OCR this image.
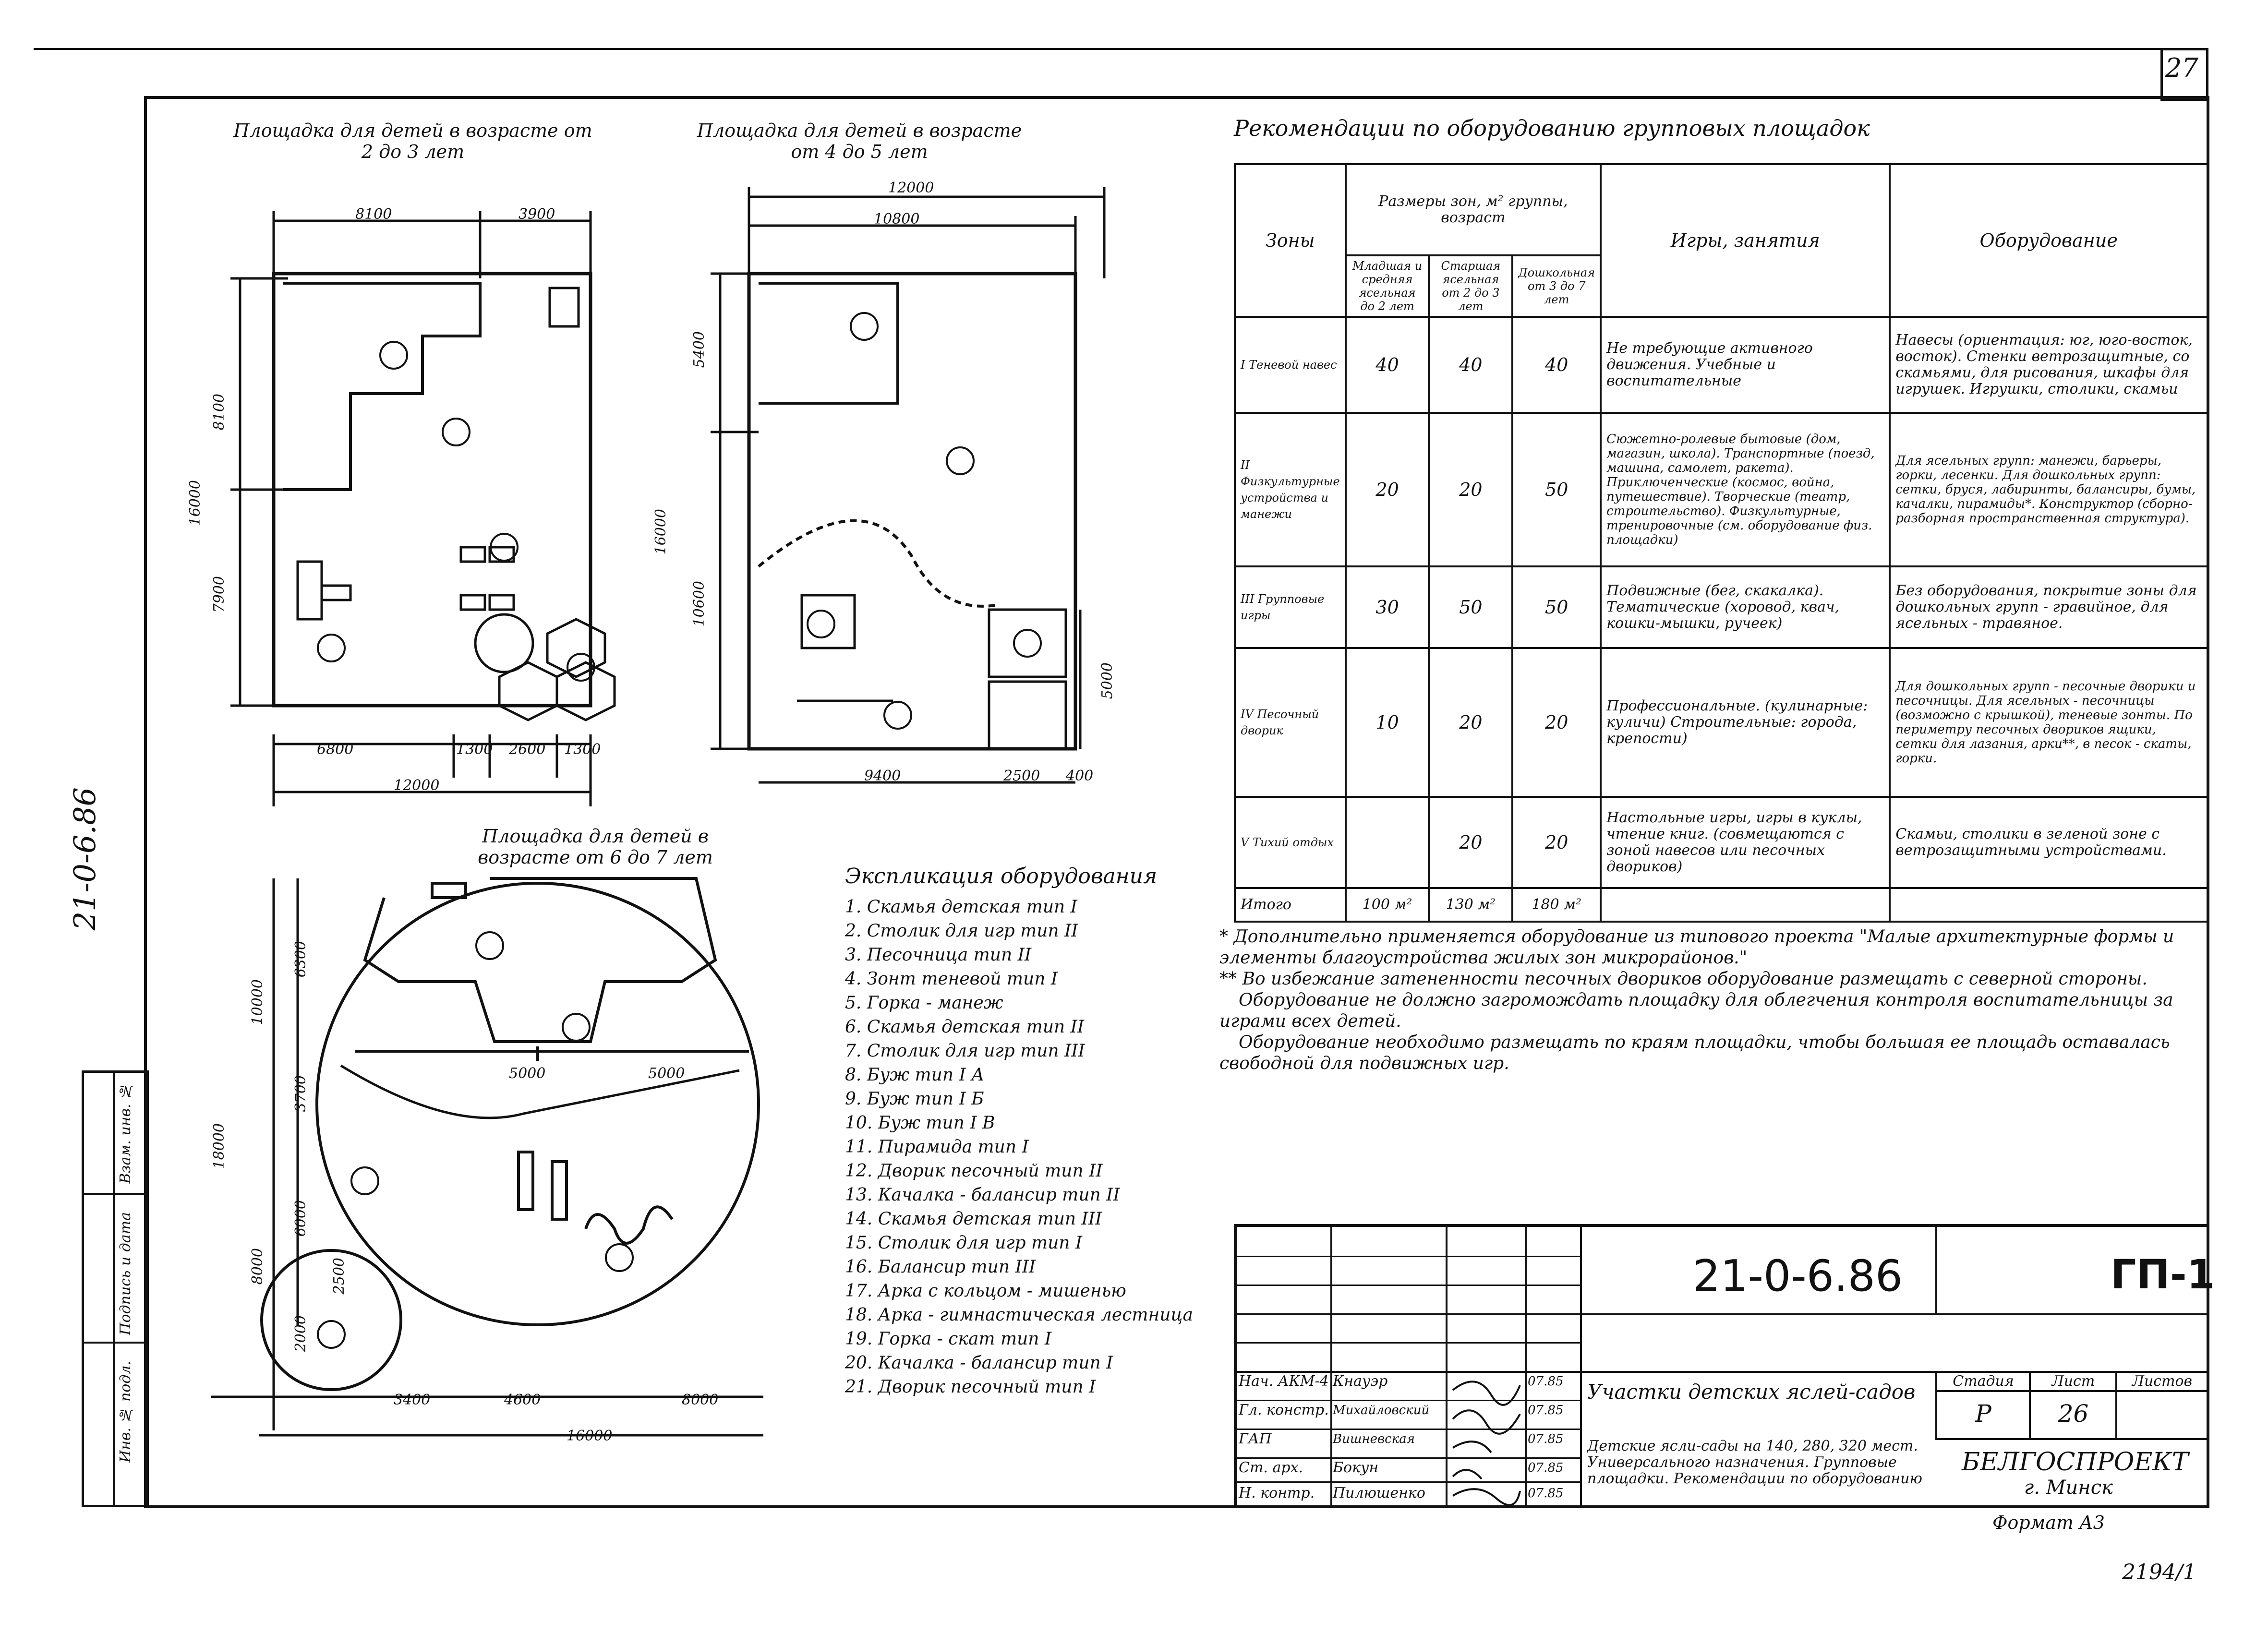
27
21-0-6.86
Инв. № подл.
Подпись и дата
Взам. инв. №
Площадка для детей в возрасте от 2 до 3 лет
8100	3900
8100
7900
16000
6800	1300 2600 1300
12000
Площадка для детей в возрасте от 4 до 5 лет
12000
10800
5400
16000
10600
5000
9400	2500 400
Площадка для детей в возрасте от 6 до 7 лет
18000
10000
6300
3700
6000
8000	2500
2000
5000	5000
3400	4600	8000
16000
Экспликация оборудования
1. Скамья детская тип I
2. Столик для игр тип II
3. Песочница тип II
4. Зонт теневой тип I
5. Горка - манеж
6. Скамья детская тип II
7. Столик для игр тип III
8. Буж тип I А
9. Буж тип I Б
10. Буж тип I В
11. Пирамида тип I
12. Дворик песочный тип II
13. Качалка - балансир тип II
14. Скамья детская тип III
15. Столик для игр тип I
16. Балансир тип III
17. Арка с кольцом - мишенью
18. Арка - гимнастическая лестница
19. Горка - скат тип I
20. Качалка - балансир тип I
21. Дворик песочный тип I
Рекомендации по оборудованию групповых площадок
Зоны	Размеры зон, м² группы, возраст			Игры, занятия	Оборудование
	Младшая и средняя ясельная до 2 лет	Старшая ясельная от 2 до 3 лет	Дошкольная от 3 до 7 лет		
I Теневой навес	40	40	40	Не требующие активного движения. Учебные и воспитательные	Навесы (ориентация: юг, юго-восток, восток). Стенки ветрозащитные, со скамьями, для рисования, шкафы для игрушек. Игрушки, столики, скамьи
II Физкультурные устройства и манежи	20	20	50	Сюжетно-ролевые бытовые (дом, магазин, школа). Транспортные (поезд, машина, самолет, ракета). Приключенческие (космос, война, путешествие). Творческие (театр, строительство). Физкультурные, тренировочные (см. оборудование физ. площадки)	Для ясельных групп: манежи, барьеры, горки, лесенки. Для дошкольных групп: сетки, бруся, лабиринты, балансиры, бумы, качалки, пирамиды*. Конструктор (сборно-разборная пространственная структура).
III Групповые игры	30	50	50	Подвижные (бег, скакалка). Тематические (хоровод, квач, кошки-мышки, ручеек)	Без оборудования, покрытие зоны для дошкольных групп - гравийное, для ясельных - травяное.
IV Песочный дворик	10	20	20	Профессиональные. (кулинарные: куличи) Строительные: города, крепости)	Для дошкольных групп - песочные дворики и песочницы. Для ясельных - песочницы (возможно с крышкой), теневые зонты. По периметру песочных двориков ящики, сетки для лазания, арки**, в песок - скаты, горки.
V Тихий отдых		20	20	Настольные игры, игры в куклы, чтение книг. (совмещаются с зоной навесов или песочных двориков)	Скамьи, столики в зеленой зоне с ветрозащитными устройствами.
Итого	100 м²	130 м²	180 м²		
* Дополнительно применяется оборудование из типового проекта "Малые архитектурные формы и элементы благоустройства жилых зон микрорайонов."
** Во избежание затененности песочных двориков оборудование размещать с северной стороны.
Оборудование не должно загромождать площадку для облегчения контроля воспитательницы за играми всех детей.
Оборудование необходимо размещать по краям площадки, чтобы большая ее площадь оставалась свободной для подвижных игр.
21-0-6.86	ГП-1
Стадия	Лист	Листов
Р	26
Участки детских яслей-садов
Детские ясли-сады на 140, 280, 320 мест. Универсального назначения. Групповые площадки. Рекомендации по оборудованию
БЕЛГОСПРОЕКТ
г. Минск
Нач. АКМ-4 Кнауэр	07.85
Гл. констр. Михайловский	07.85
ГАП	Вишневская	07.85
Ст. арх.	Бокун	07.85
Н. контр.	Пилюшенко	07.85
Формат А3
2194/1
